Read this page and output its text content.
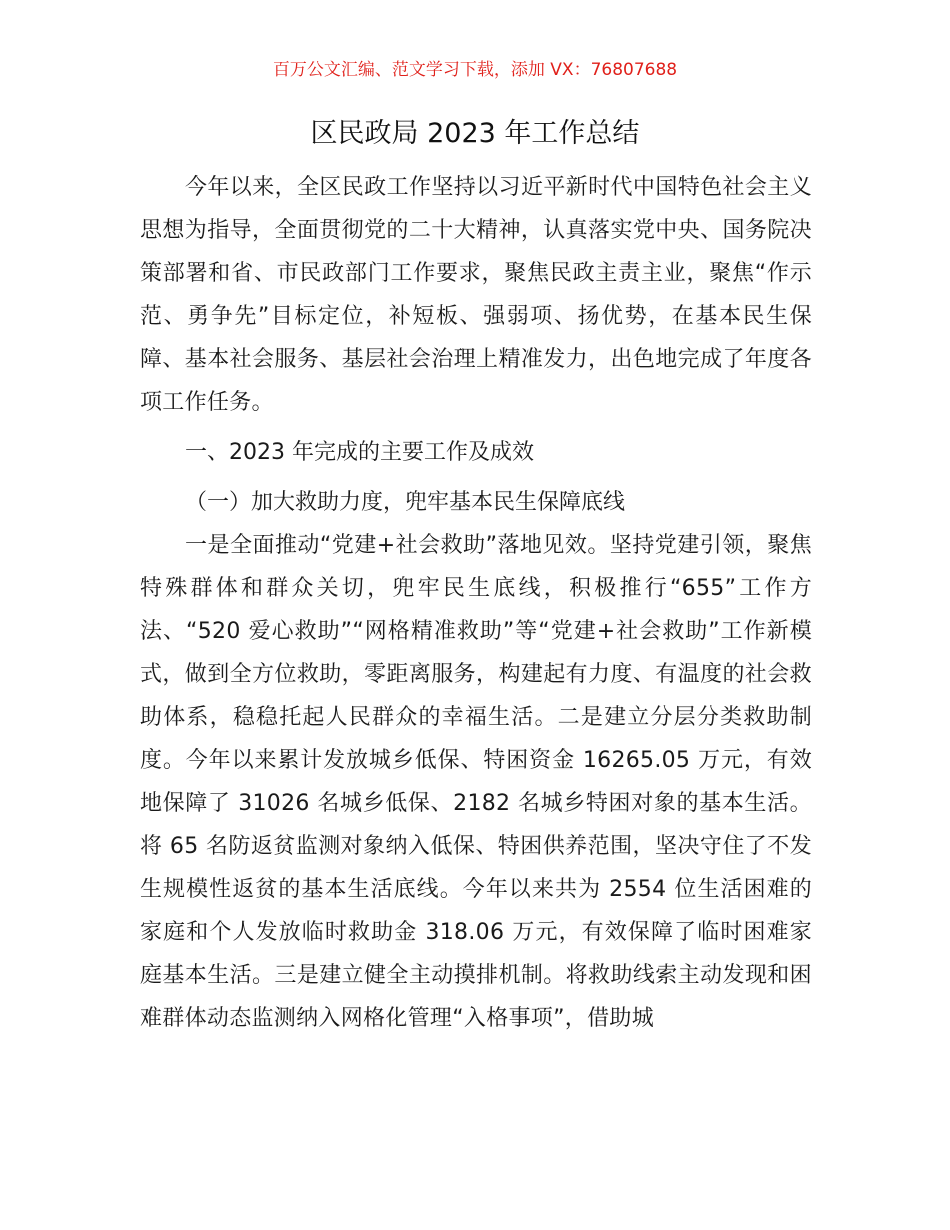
百万公文汇编、范文学习下载，添加 VX：76807688
区民政局 2023 年工作总结

今年以来，全区民政工作坚持以习近平新时代中国特色社会主义思想为指导，全面贯彻党的二十大精神，认真落实党中央、国务院决策部署和省、市民政部门工作要求，聚焦民政主责主业，聚焦“作示范、勇争先”目标定位，补短板、强弱项、扬优势，在基本民生保障、基本社会服务、基层社会治理上精准发力，出色地完成了年度各项工作任务。

一、2023 年完成的主要工作及成效

（一）加大救助力度，兜牢基本民生保障底线

一是全面推动“党建+社会救助”落地见效。坚持党建引领，聚焦特殊群体和群众关切，兜牢民生底线，积极推行“655”工作方法、“520 爱心救助”“网格精准救助”等“党建+社会救助”工作新模式，做到全方位救助，零距离服务，构建起有力度、有温度的社会救助体系，稳稳托起人民群众的幸福生活。二是建立分层分类救助制度。今年以来累计发放城乡低保、特困资金 16265.05 万元，有效地保障了 31026 名城乡低保、2182 名城乡特困对象的基本生活。将 65 名防返贫监测对象纳入低保、特困供养范围，坚决守住了不发生规模性返贫的基本生活底线。今年以来共为 2554 位生活困难的家庭和个人发放临时救助金 318.06 万元，有效保障了临时困难家庭基本生活。三是建立健全主动摸排机制。将救助线索主动发现和困难群体动态监测纳入网格化管理“入格事项”，借助城
